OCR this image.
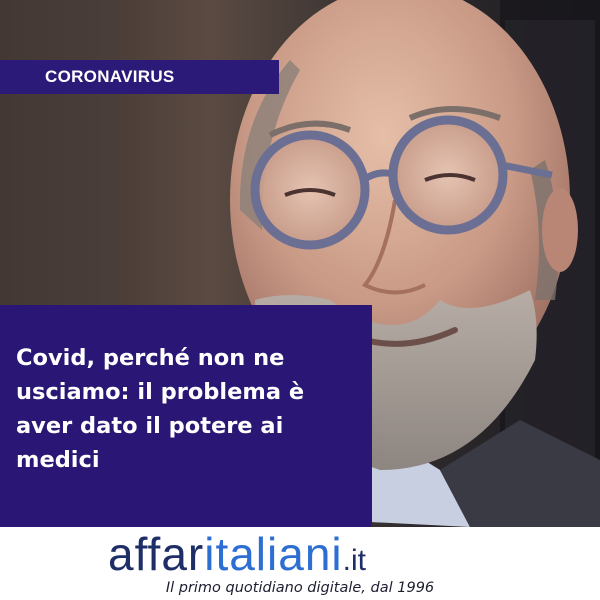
CORONAVIRUS

Covid, perché non ne usciamo: il problema è aver dato il potere ai medici

affaritaliani.it
Il primo quotidiano digitale, dal 1996
